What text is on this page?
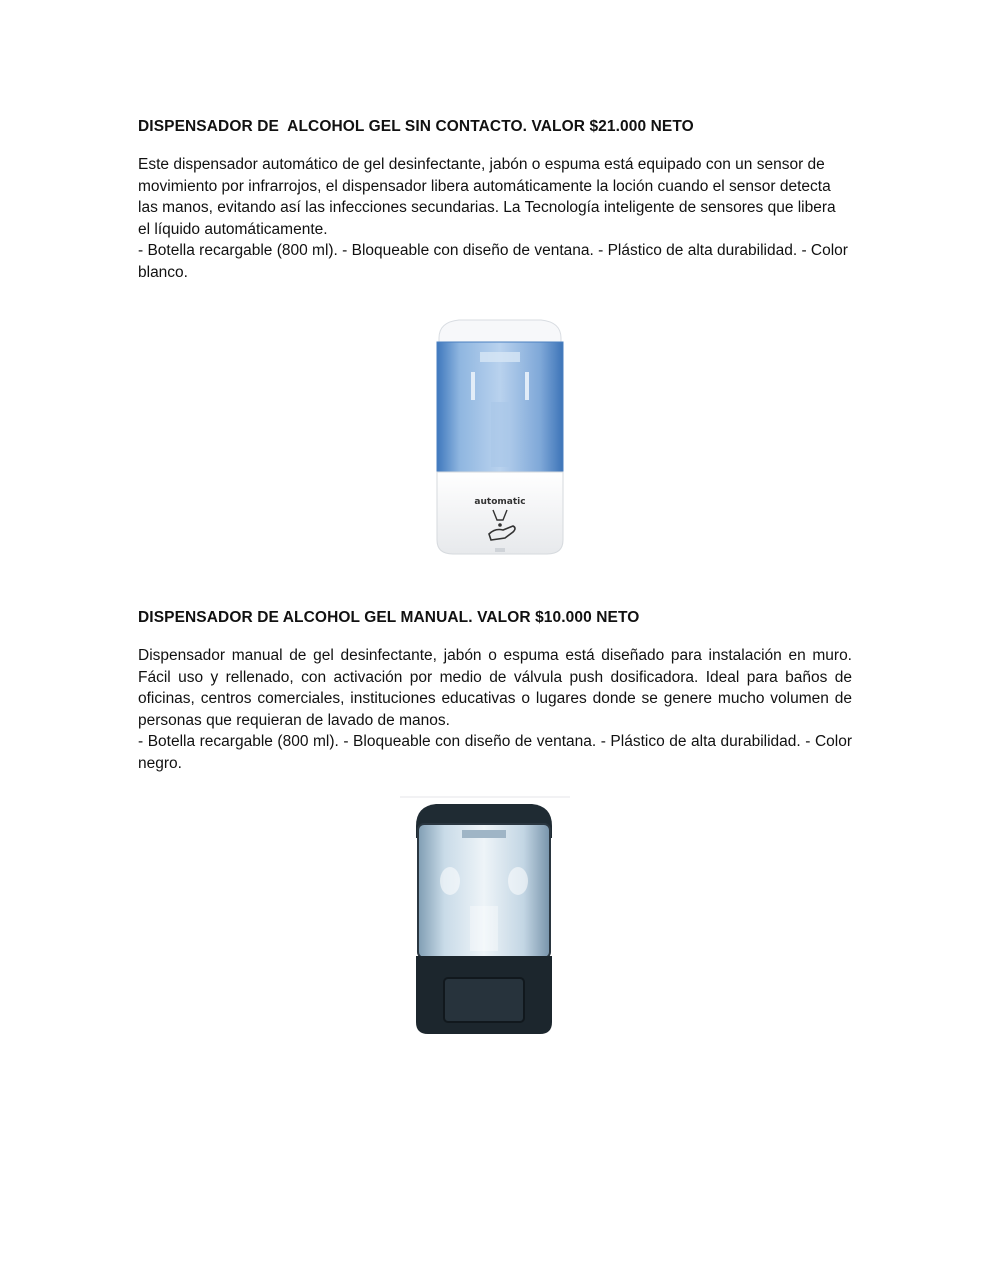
DISPENSADOR DE  ALCOHOL GEL SIN CONTACTO. VALOR $21.000 NETO

Este dispensador automático de gel desinfectante, jabón o espuma está equipado con un sensor de movimiento por infrarrojos, el dispensador libera automáticamente la loción cuando el sensor detecta las manos, evitando así las infecciones secundarias. La Tecnología inteligente de sensores que libera el líquido automáticamente.

- Botella recargable (800 ml). - Bloqueable con diseño de ventana. - Plástico de alta durabilidad. - Color blanco.

automatic
DISPENSADOR DE ALCOHOL GEL MANUAL. VALOR $10.000 NETO

Dispensador manual de gel desinfectante, jabón o espuma está diseñado para instalación en muro. Fácil uso y rellenado, con activación por medio de válvula push dosificadora. Ideal para baños de oficinas, centros comerciales, instituciones educativas o lugares donde se genere mucho volumen de personas que requieran de lavado de manos.

- Botella recargable (800 ml). - Bloqueable con diseño de ventana. - Plástico de alta durabilidad. - Color negro.
